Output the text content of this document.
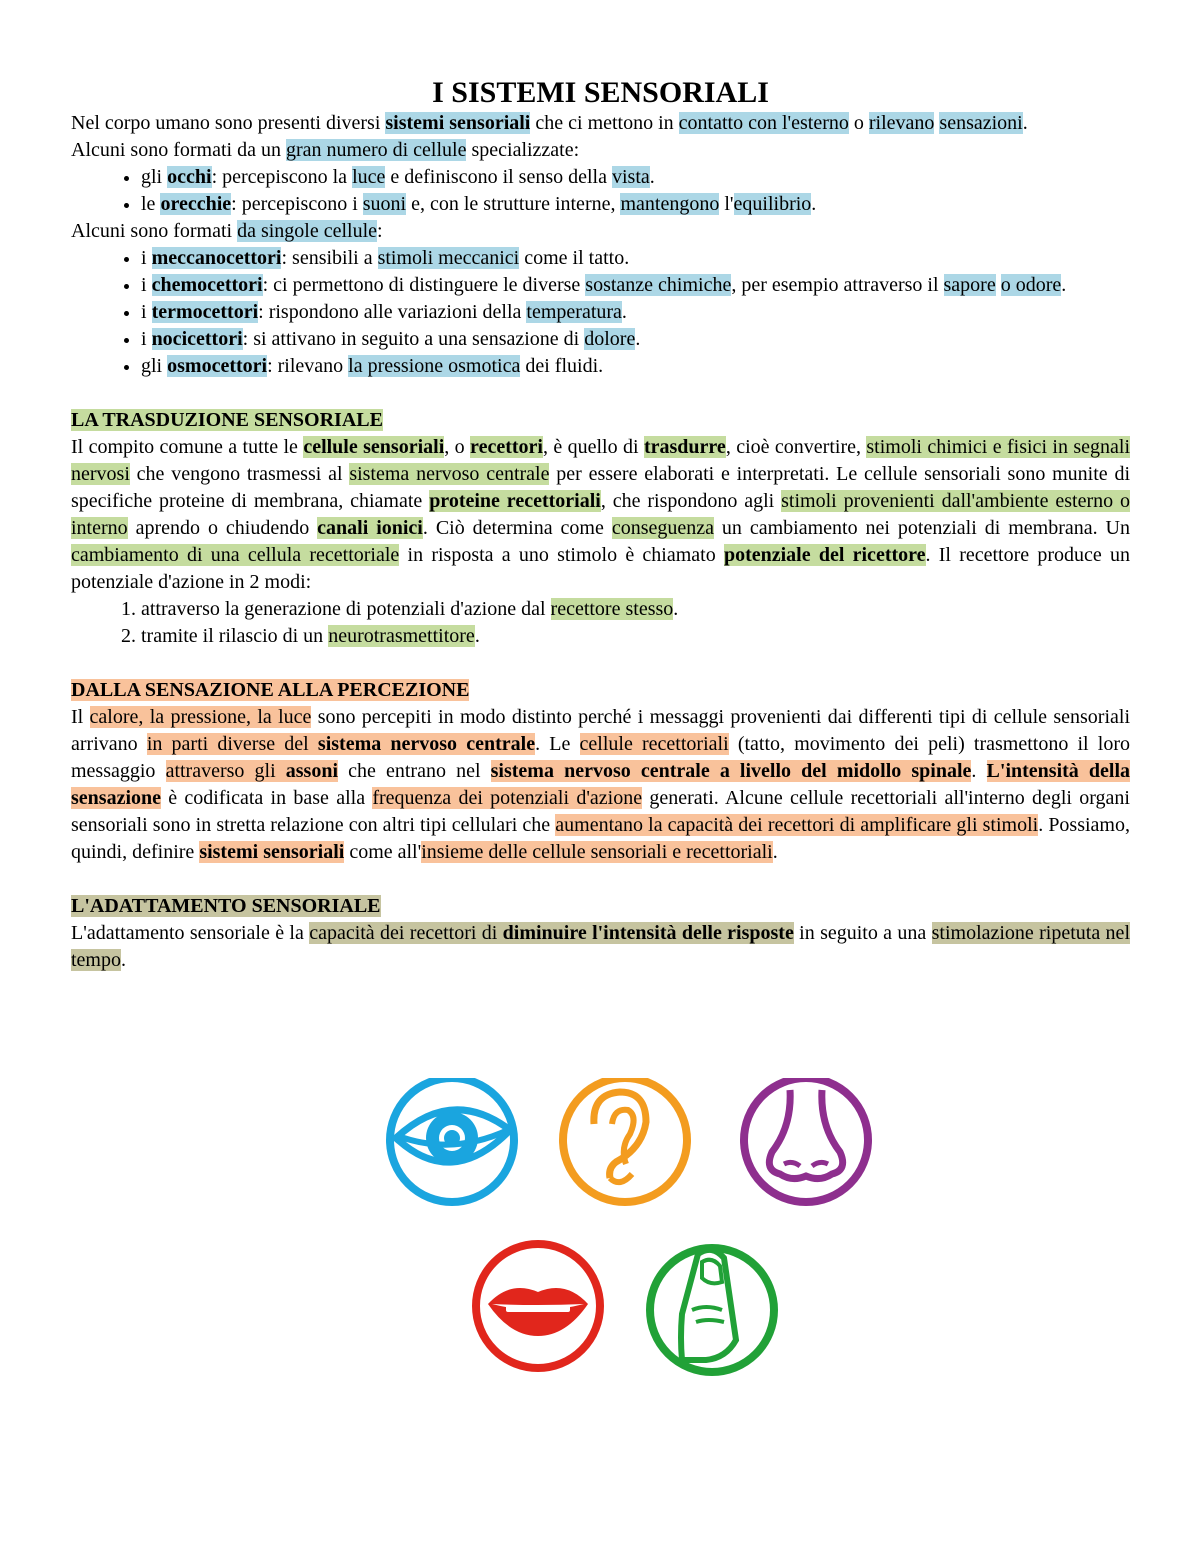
I SISTEMI SENSORIALI

Nel corpo umano sono presenti diversi sistemi sensoriali che ci mettono in contatto con l'esterno o rilevano sensazioni.

Alcuni sono formati da un gran numero di cellule specializzate:

• gli occhi: percepiscono la luce e definiscono il senso della vista.
• le orecchie: percepiscono i suoni e, con le strutture interne, mantengono l'equilibrio.

Alcuni sono formati da singole cellule:

• i meccanocettori: sensibili a stimoli meccanici come il tatto.
• i chemocettori: ci permettono di distinguere le diverse sostanze chimiche, per esempio attraverso il sapore o odore.
• i termocettori: rispondono alle variazioni della temperatura.
• i nocicettori: si attivano in seguito a una sensazione di dolore.
• gli osmocettori: rilevano la pressione osmotica dei fluidi.

LA TRASDUZIONE SENSORIALE

Il compito comune a tutte le cellule sensoriali, o recettori, è quello di trasdurre, cioè convertire, stimoli chimici e fisici in segnali nervosi che vengono trasmessi al sistema nervoso centrale per essere elaborati e interpretati. Le cellule sensoriali sono munite di specifiche proteine di membrana, chiamate proteine recettoriali, che rispondono agli stimoli provenienti dall'ambiente esterno o interno aprendo o chiudendo canali ionici. Ciò determina come conseguenza un cambiamento nei potenziali di membrana. Un cambiamento di una cellula recettoriale in risposta a uno stimolo è chiamato potenziale del ricettore. Il recettore produce un potenziale d'azione in 2 modi:

1. attraverso la generazione di potenziali d'azione dal recettore stesso.
2. tramite il rilascio di un neurotrasmettitore.

DALLA SENSAZIONE ALLA PERCEZIONE

Il calore, la pressione, la luce sono percepiti in modo distinto perché i messaggi provenienti dai differenti tipi di cellule sensoriali arrivano in parti diverse del sistema nervoso centrale. Le cellule recettoriali (tatto, movimento dei peli) trasmettono il loro messaggio attraverso gli assoni che entrano nel sistema nervoso centrale a livello del midollo spinale. L'intensità della sensazione è codificata in base alla frequenza dei potenziali d'azione generati. Alcune cellule recettoriali all'interno degli organi sensoriali sono in stretta relazione con altri tipi cellulari che aumentano la capacità dei recettori di amplificare gli stimoli. Possiamo, quindi, definire sistemi sensoriali come all'insieme delle cellule sensoriali e recettoriali.

L'ADATTAMENTO SENSORIALE

L'adattamento sensoriale è la capacità dei recettori di diminuire l'intensità delle risposte in seguito a una stimolazione ripetuta nel tempo.
